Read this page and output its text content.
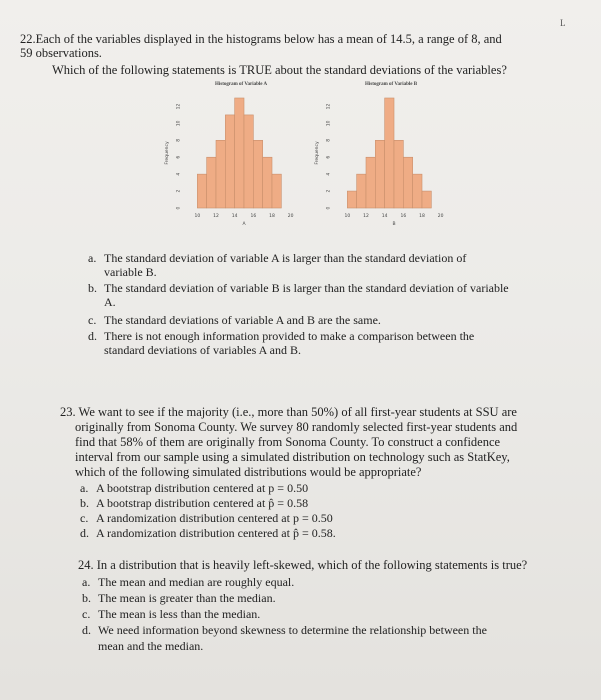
L
22.Each of the variables displayed in the histograms below has a mean of 14.5, a range of 8, and
59 observations.
Which of the following statements is TRUE about the standard deviations of the variables?
Histogram of Variable A
Frequency
0
2
4
6
8
10
12
10	12	14	16	18	20
A
Histogram of Variable B
Frequency
0
2
4
6
8
10
12
10	12	14	16	18	20
B
a. The standard deviation of variable A is larger than the standard deviation of
variable B.
b. The standard deviation of variable B is larger than the standard deviation of variable
A.
c. The standard deviations of variable A and B are the same.
d. There is not enough information provided to make a comparison between the
standard deviations of variables A and B.
23. We want to see if the majority (i.e., more than 50%) of all first-year students at SSU are
originally from Sonoma County. We survey 80 randomly selected first-year students and
find that 58% of them are originally from Sonoma County. To construct a confidence
interval from our sample using a simulated distribution on technology such as StatKey,
which of the following simulated distributions would be appropriate?
a. A bootstrap distribution centered at p = 0.50
b. A bootstrap distribution centered at p̂ = 0.58
c. A randomization distribution centered at p = 0.50
d. A randomization distribution centered at p̂ = 0.58.
24. In a distribution that is heavily left-skewed, which of the following statements is true?
a. The mean and median are roughly equal.
b. The mean is greater than the median.
c. The mean is less than the median.
d. We need information beyond skewness to determine the relationship between the
mean and the median.
